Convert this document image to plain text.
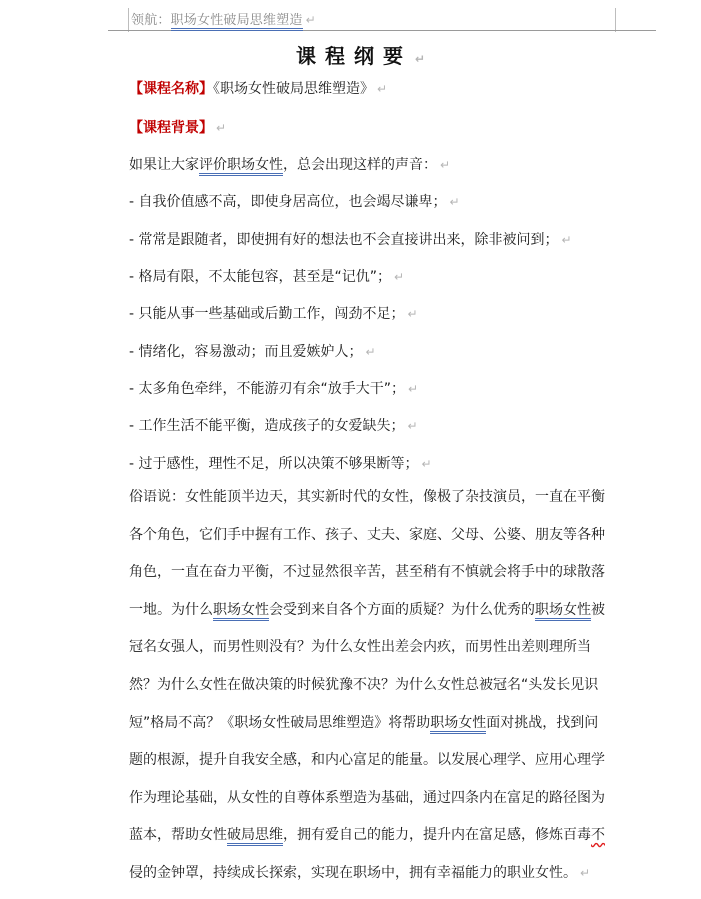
领航：职场女性破局思维塑造 ↵
课程纲要 ↵
【课程名称】《职场女性破局思维塑造》 ↵
【课程背景】 ↵
如果让大家评价职场女性，总会出现这样的声音： ↵
- 自我价值感不高，即使身居高位，也会竭尽谦卑； ↵
- 常常是跟随者，即使拥有好的想法也不会直接讲出来，除非被问到； ↵
- 格局有限，不太能包容，甚至是“记仇”； ↵
- 只能从事一些基础或后勤工作，闯劲不足； ↵
- 情绪化，容易激动；而且爱嫉妒人； ↵
- 太多角色牵绊，不能游刃有余“放手大干”； ↵
- 工作生活不能平衡，造成孩子的女爱缺失； ↵
- 过于感性，理性不足，所以决策不够果断等； ↵
俗语说：女性能顶半边天，其实新时代的女性，像极了杂技演员，一直在平衡
各个角色，它们手中握有工作、孩子、丈夫、家庭、父母、公婆、朋友等各种
角色，一直在奋力平衡，不过显然很辛苦，甚至稍有不慎就会将手中的球散落
一地。为什么职场女性会受到来自各个方面的质疑？为什么优秀的职场女性被
冠名女强人，而男性则没有？为什么女性出差会内疚，而男性出差则理所当
然？为什么女性在做决策的时候犹豫不决？为什么女性总被冠名“头发长见识
短”格局不高？《职场女性破局思维塑造》将帮助职场女性面对挑战，找到问
题的根源，提升自我安全感，和内心富足的能量。以发展心理学、应用心理学
作为理论基础，从女性的自尊体系塑造为基础，通过四条内在富足的路径图为
蓝本，帮助女性破局思维，拥有爱自己的能力，提升内在富足感，修炼百毒不
侵的金钟罩，持续成长探索，实现在职场中，拥有幸福能力的职业女性。 ↵
